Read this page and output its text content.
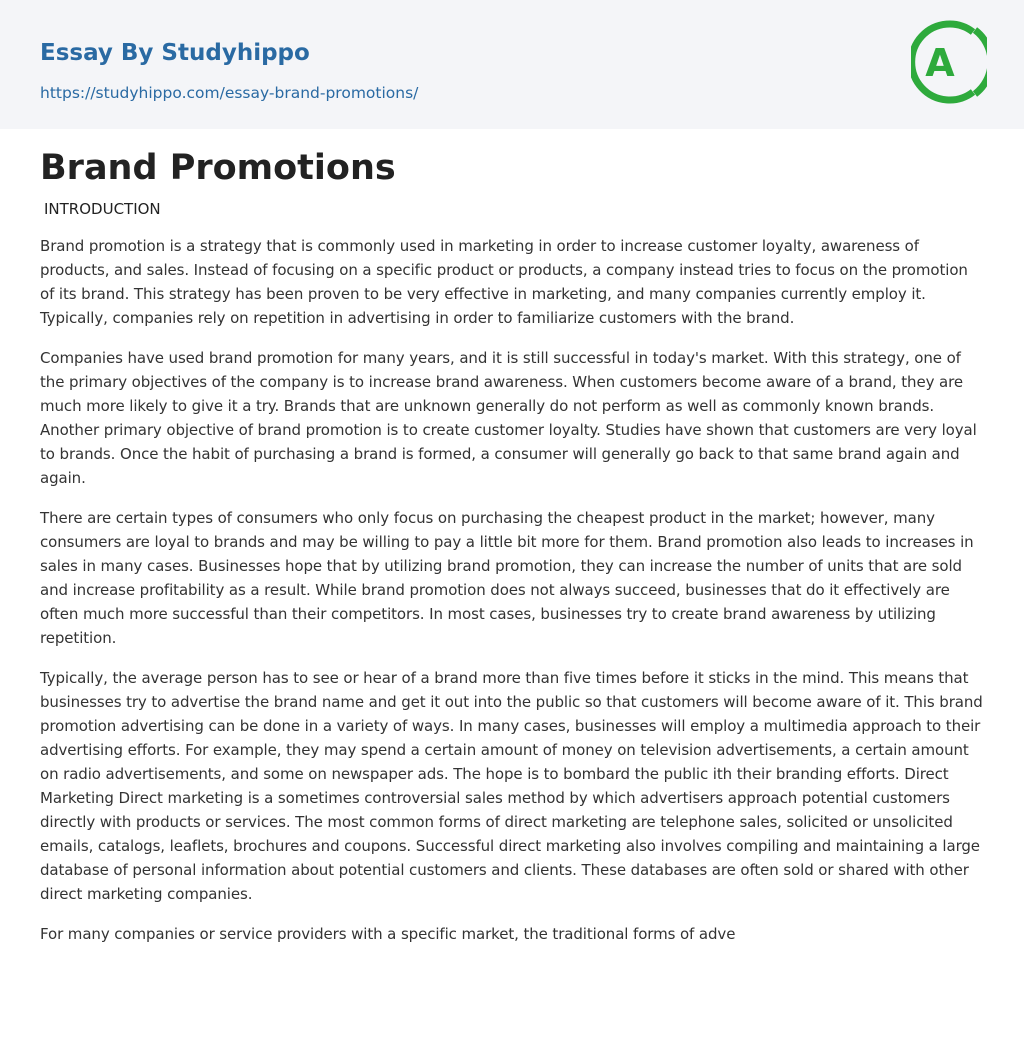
Essay By Studyhippo
https://studyhippo.com/essay-brand-promotions/
A
Brand Promotions
INTRODUCTION

Brand promotion is a strategy that is commonly used in marketing in order to increase customer loyalty, awareness of products, and sales. Instead of focusing on a specific product or products, a company instead tries to focus on the promotion of its brand. This strategy has been proven to be very effective in marketing, and many companies currently employ it. Typically, companies rely on repetition in advertising in order to familiarize customers with the brand.

Companies have used brand promotion for many years, and it is still successful in today's market. With this strategy, one of the primary objectives of the company is to increase brand awareness. When customers become aware of a brand, they are much more likely to give it a try. Brands that are unknown generally do not perform as well as commonly known brands. Another primary objective of brand promotion is to create customer loyalty. Studies have shown that customers are very loyal to brands. Once the habit of purchasing a brand is formed, a consumer will generally go back to that same brand again and again.

There are certain types of consumers who only focus on purchasing the cheapest product in the market; however, many consumers are loyal to brands and may be willing to pay a little bit more for them. Brand promotion also leads to increases in sales in many cases. Businesses hope that by utilizing brand promotion, they can increase the number of units that are sold and increase profitability as a result. While brand promotion does not always succeed, businesses that do it effectively are often much more successful than their competitors. In most cases, businesses try to create brand awareness by utilizing repetition.

Typically, the average person has to see or hear of a brand more than five times before it sticks in the mind. This means that businesses try to advertise the brand name and get it out into the public so that customers will become aware of it. This brand promotion advertising can be done in a variety of ways. In many cases, businesses will employ a multimedia approach to their advertising efforts. For example, they may spend a certain amount of money on television advertisements, a certain amount on radio advertisements, and some on newspaper ads. The hope is to bombard the public ith their branding efforts. Direct Marketing Direct marketing is a sometimes controversial sales method by which advertisers approach potential customers directly with products or services. The most common forms of direct marketing are telephone sales, solicited or unsolicited emails, catalogs, leaflets, brochures and coupons. Successful direct marketing also involves compiling and maintaining a large database of personal information about potential customers and clients. These databases are often sold or shared with other direct marketing companies.

For many companies or service providers with a specific market, the traditional forms of adve
